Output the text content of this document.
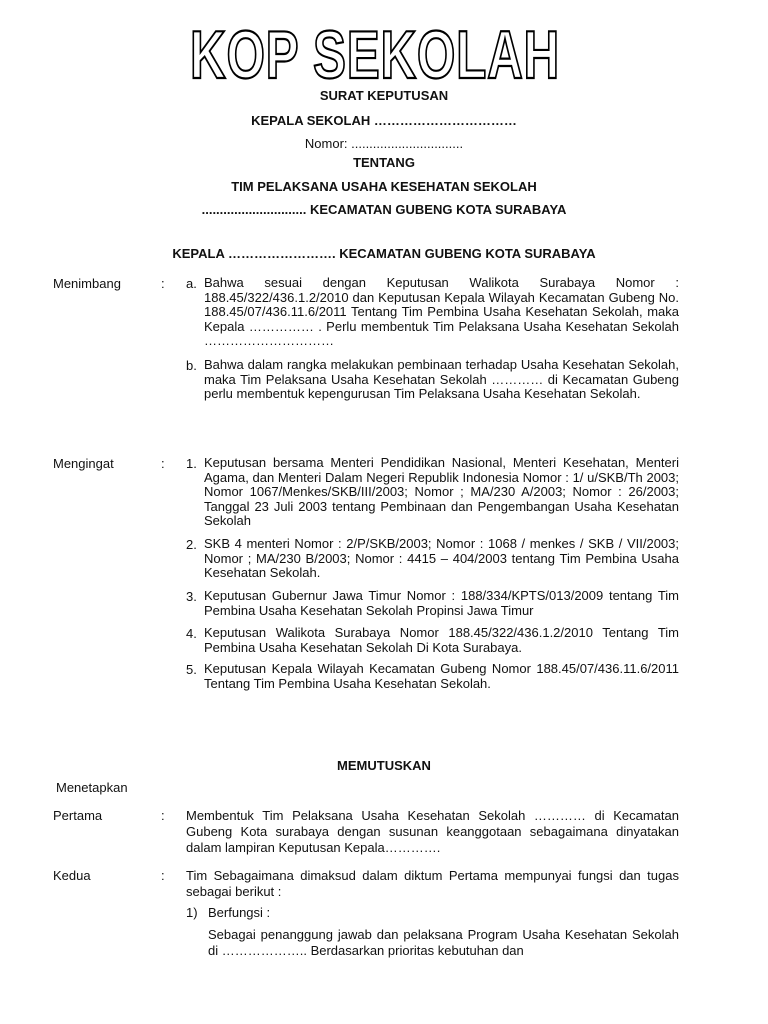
KOP SEKOLAH
SURAT KEPUTUSAN
KEPALA SEKOLAH ……………………………
Nomor: ...............................
TENTANG
TIM PELAKSANA USAHA KESEHATAN SEKOLAH
............................. KECAMATAN GUBENG KOTA SURABAYA
KEPALA ……………………. KECAMATAN GUBENG KOTA SURABAYA
Menimbang	: a. Bahwa sesuai dengan Keputusan Walikota Surabaya Nomor : 188.45/322/436.1.2/2010 dan Keputusan Kepala Wilayah Kecamatan Gubeng No. 188.45/07/436.11.6/2011 Tentang Tim Pembina Usaha Kesehatan Sekolah, maka Kepala …………… . Perlu membentuk Tim Pelaksana Usaha Kesehatan Sekolah …………………………
b. Bahwa dalam rangka melakukan pembinaan terhadap Usaha Kesehatan Sekolah, maka Tim Pelaksana Usaha Kesehatan Sekolah ………… di Kecamatan Gubeng perlu membentuk kepengurusan Tim Pelaksana Usaha Kesehatan Sekolah.
Mengingat	: 1. Keputusan bersama Menteri Pendidikan Nasional, Menteri Kesehatan, Menteri Agama, dan Menteri Dalam Negeri Republik Indonesia Nomor : 1/ u/SKB/Th 2003; Nomor 1067/Menkes/SKB/III/2003; Nomor ; MA/230 A/2003; Nomor : 26/2003; Tanggal 23 Juli 2003 tentang Pembinaan dan Pengembangan Usaha Kesehatan Sekolah
2. SKB 4 menteri Nomor : 2/P/SKB/2003; Nomor : 1068 / menkes / SKB / VII/2003; Nomor ; MA/230 B/2003; Nomor : 4415 – 404/2003 tentang Tim Pembina Usaha Kesehatan Sekolah.
3. Keputusan Gubernur Jawa Timur Nomor : 188/334/KPTS/013/2009 tentang Tim Pembina Usaha Kesehatan Sekolah Propinsi Jawa Timur
4. Keputusan Walikota Surabaya Nomor 188.45/322/436.1.2/2010 Tentang Tim Pembina Usaha Kesehatan Sekolah Di Kota Surabaya.
5. Keputusan Kepala Wilayah Kecamatan Gubeng Nomor 188.45/07/436.11.6/2011 Tentang Tim Pembina Usaha Kesehatan Sekolah.
MEMUTUSKAN
Menetapkan
Pertama	: Membentuk Tim Pelaksana Usaha Kesehatan Sekolah ………… di Kecamatan Gubeng Kota surabaya dengan susunan keanggotaan sebagaimana dinyatakan dalam lampiran Keputusan Kepala………….
Kedua	: Tim Sebagaimana dimaksud dalam diktum Pertama mempunyai fungsi dan tugas sebagai berikut :
1) Berfungsi :
Sebagai penanggung jawab dan pelaksana Program Usaha Kesehatan Sekolah di ……………….. Berdasarkan prioritas kebutuhan dan
